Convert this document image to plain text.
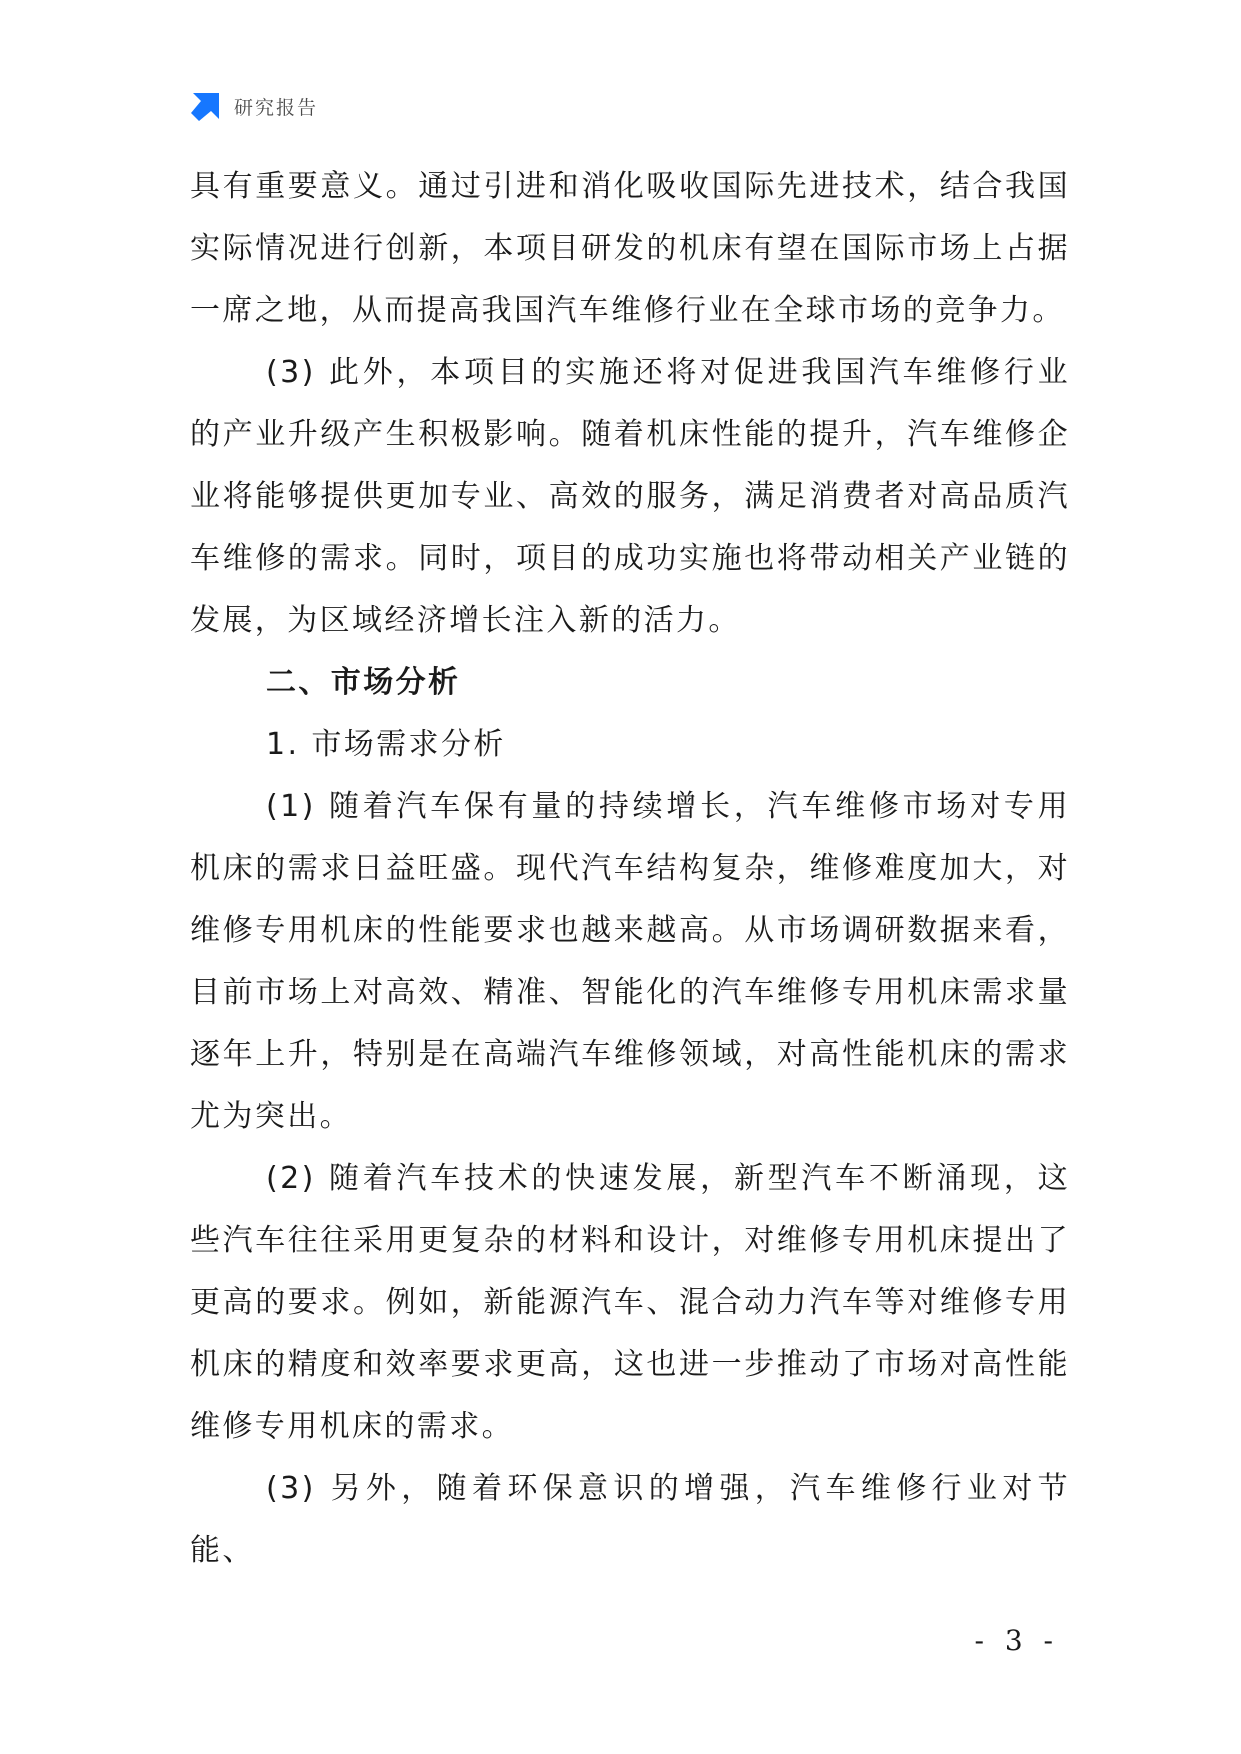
研究报告

具有重要意义。通过引进和消化吸收国际先进技术，结合我国实际情况进行创新，本项目研发的机床有望在国际市场上占据一席之地，从而提高我国汽车维修行业在全球市场的竞争力。

(3) 此外，本项目的实施还将对促进我国汽车维修行业的产业升级产生积极影响。随着机床性能的提升，汽车维修企业将能够提供更加专业、高效的服务，满足消费者对高品质汽车维修的需求。同时，项目的成功实施也将带动相关产业链的发展，为区域经济增长注入新的活力。

二、市场分析

1. 市场需求分析

(1) 随着汽车保有量的持续增长，汽车维修市场对专用机床的需求日益旺盛。现代汽车结构复杂，维修难度加大，对维修专用机床的性能要求也越来越高。从市场调研数据来看，目前市场上对高效、精准、智能化的汽车维修专用机床需求量逐年上升，特别是在高端汽车维修领域，对高性能机床的需求尤为突出。

(2) 随着汽车技术的快速发展，新型汽车不断涌现，这些汽车往往采用更复杂的材料和设计，对维修专用机床提出了更高的要求。例如，新能源汽车、混合动力汽车等对维修专用机床的精度和效率要求更高，这也进一步推动了市场对高性能维修专用机床的需求。

(3) 另外，随着环保意识的增强，汽车维修行业对节能、

- 3 -
